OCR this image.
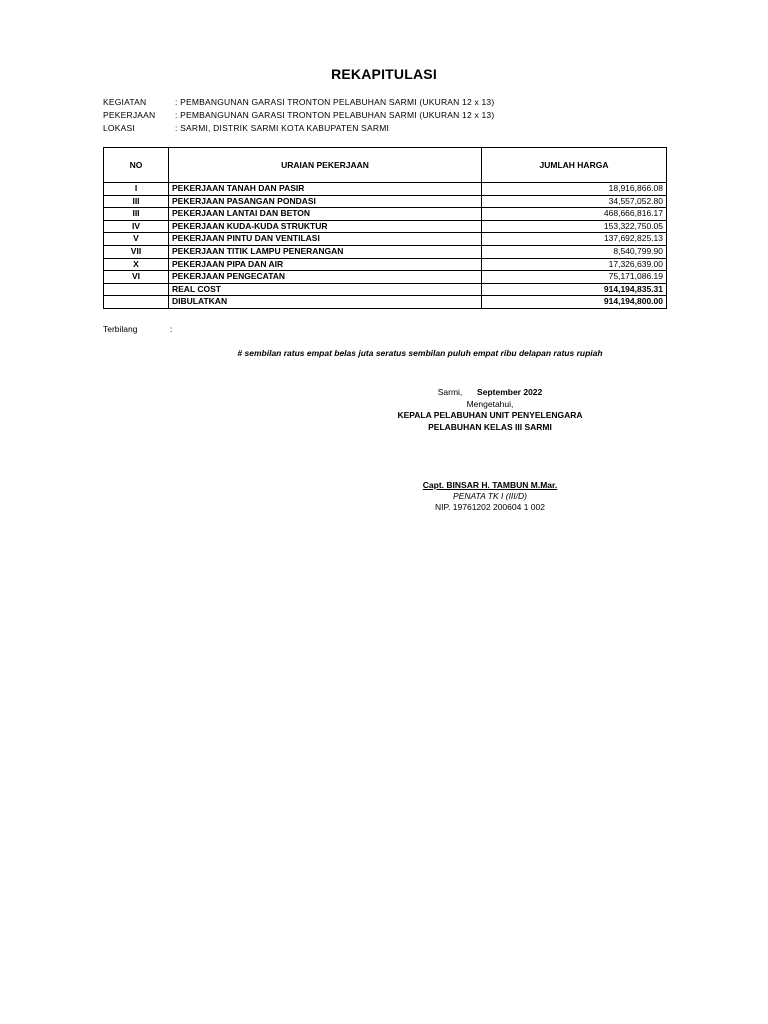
REKAPITULASI
KEGIATAN	: PEMBANGUNAN GARASI TRONTON PELABUHAN SARMI (UKURAN 12 x 13)
PEKERJAAN : PEMBANGUNAN GARASI TRONTON PELABUHAN SARMI (UKURAN 12 x 13)
LOKASI	: SARMI, DISTRIK SARMI KOTA KABUPATEN SARMI
NO	URAIAN PEKERJAAN	JUMLAH HARGA
I	PEKERJAAN TANAH DAN PASIR	18,916,866.08
III	PEKERJAAN PASANGAN PONDASI	34,557,052.80
III	PEKERJAAN LANTAI DAN BETON	468,666,816.17
IV	PEKERJAAN KUDA-KUDA STRUKTUR	153,322,750.05
V	PEKERJAAN PINTU DAN VENTILASI	137,692,825.13
VII	PEKERJAAN TITIK LAMPU PENERANGAN	8,540,799.90
X	PEKERJAAN PIPA DAN AIR	17,326,639.00
VI	PEKERJAAN PENGECATAN	75,171,086.19
	REAL COST	914,194,835.31
	DIBULATKAN	914,194,800.00
Terbilang	:
# sembilan ratus empat belas juta seratus sembilan puluh empat ribu delapan ratus rupiah
Sarmi, September 2022
Mengetahui,
KEPALA PELABUHAN UNIT PENYELENGARA
PELABUHAN KELAS III SARMI
Capt. BINSAR H. TAMBUN M.Mar.
PENATA TK I (III/D)
NIP. 19761202 200604 1 002
